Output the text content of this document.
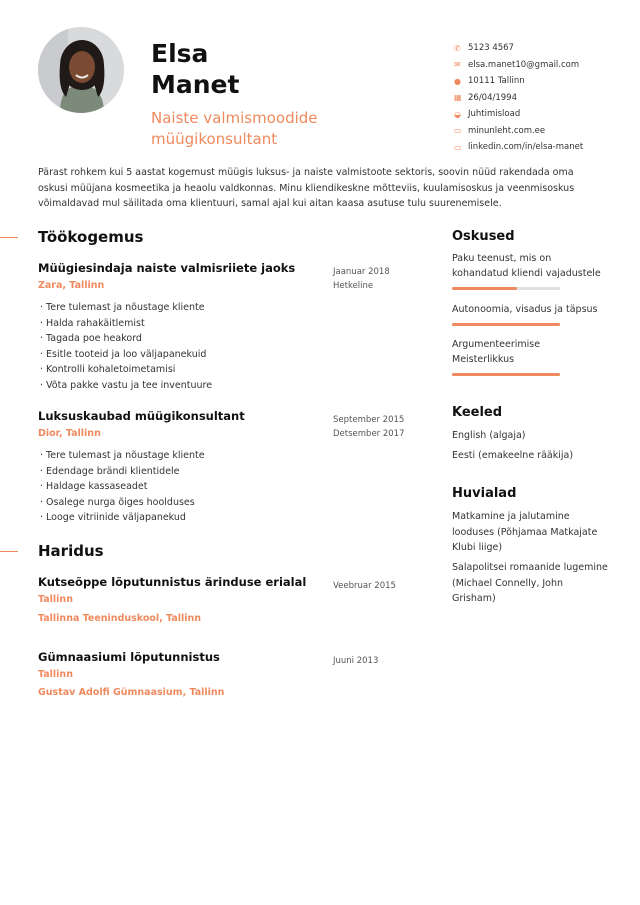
Elsa
Manet
Naiste valmismoodide
müügikonsultant
✆ 5123 4567
✉ elsa.manet10@gmail.com
● 10111 Tallinn
▦ 26/04/1994
◒ Juhtimisload
▭ minunleht.com.ee
▭ linkedin.com/in/elsa-manet
Pärast rohkem kui 5 aastat kogemust müügis luksus- ja naiste valmistoote sektoris, soovin nüüd rakendada oma oskusi müüjana kosmeetika ja heaolu valdkonnas. Minu kliendikeskne mõtteviis, kuulamisoskus ja veenmisoskus võimaldavad mul säilitada oma klientuuri, samal ajal kui aitan kaasa asutuse tulu suurenemisele.
Töökogemus
Müügiesindaja naiste valmisriiete jaoks
Zara, Tallinn
Jaanuar 2018
Hetkeline
· Tere tulemast ja nõustage kliente
· Halda rahakäitlemist
· Tagada poe heakord
· Esitle tooteid ja loo väljapanekuid
· Kontrolli kohaletoimetamisi
· Võta pakke vastu ja tee inventuure
Luksuskaubad müügikonsultant
Dior, Tallinn
September 2015
Detsember 2017
· Tere tulemast ja nõustage kliente
· Edendage brändi klientidele
· Haldage kassaseadet
· Osalege nurga õiges hoolduses
· Looge vitriinide väljapanekud
Haridus
Kutseõppe lõputunnistus ärinduse erialal
Tallinn
Tallinna Teeninduskool, Tallinn
Veebruar 2015
Gümnaasiumi lõputunnistus
Tallinn
Gustav Adolfi Gümnaasium, Tallinn
Juuni 2013
Oskused
Paku teenust, mis on
kohandatud kliendi vajadustele
Autonoomia, visadus ja täpsus
Argumenteerimise
Meisterlikkus
Keeled
English (algaja)
Eesti (emakeelne rääkija)
Huvialad
Matkamine ja jalutamine
looduses (Põhjamaa Matkajate
Klubi liige)
Salapolitsei romaanide lugemine
(Michael Connelly, John
Grisham)
